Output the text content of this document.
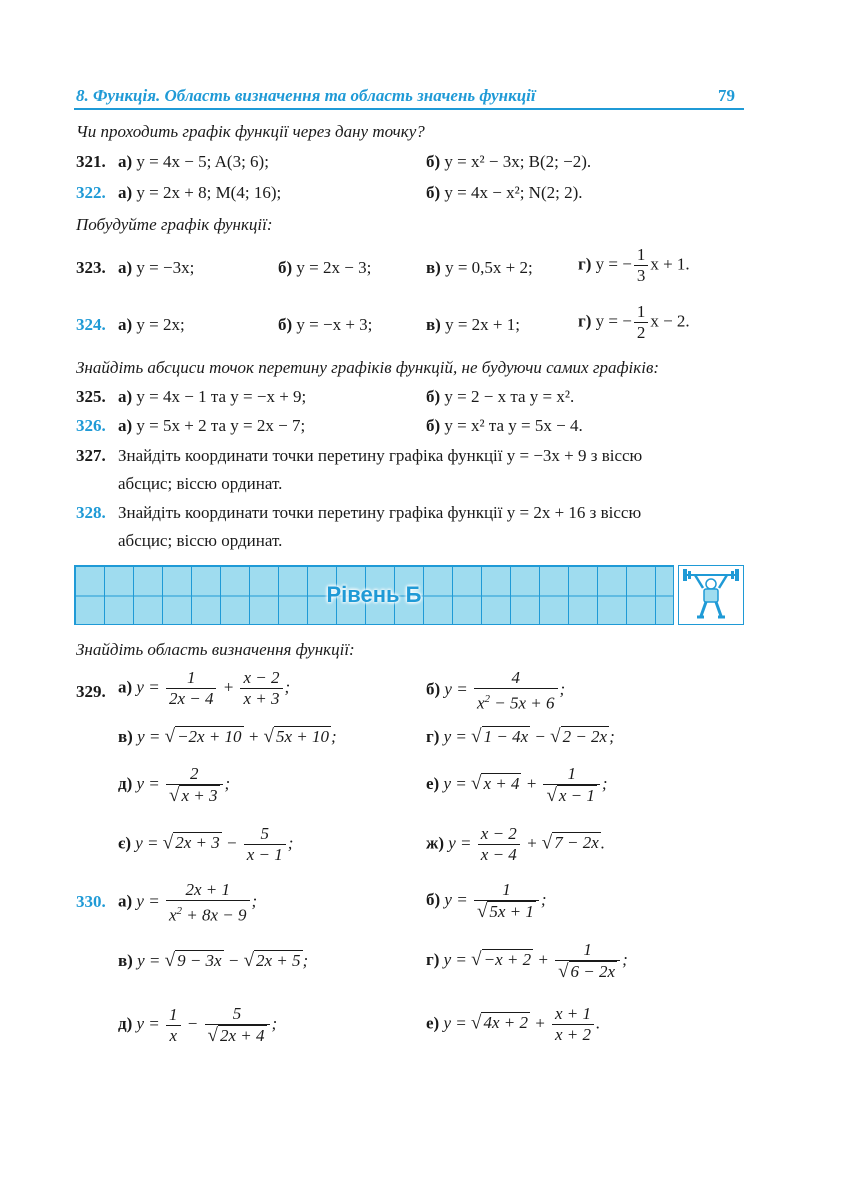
8. Функція. Область визначення та область значень функції	79
Чи проходить графік функції через дану точку?
321. а) y = 4x − 5; A(3; 6);	б) y = x² − 3x; B(2; −2).
322. а) y = 2x + 8; M(4; 16);	б) y = 4x − x²; N(2; 2).
Побудуйте графік функції:
323. а) y = −3x;	б) y = 2x − 3;	в) y = 0,5x + 2;	г) y = − $\frac{1}{3}$ x + 1.
324. а) y = 2x;	б) y = −x + 3;	в) y = 2x + 1;	г) y = − $\frac{1}{2}$ x − 2.
Знайдіть абсциси точок перетину графіків функцій, не будуючи самих графіків:
325. а) y = 4x − 1 та y = −x + 9;	б) y = 2 − x та y = x².
326. а) y = 5x + 2 та y = 2x − 7;	б) y = x² та y = 5x − 4.
327. Знайдіть координати точки перетину графіка функції y = −3x + 9 з віссю
абсцис; віссю ординат.
328. Знайдіть координати точки перетину графіка функції y = 2x + 16 з віссю
абсцис; віссю ординат.
Рівень Б
Знайдіть область визначення функції:
329. а) $y = \frac{1}{2x - 4} + \frac{x - 2}{x + 3}$ ;	б) $y = \frac{4}{x^2 - 5x + 6}$ ;
в) y = √ −2x + 10 + √ 5x + 10 ;	г) y = √ 1 − 4x − √ 2 − 2x ;
д) $y = \frac{2}{√ x + 3}$ ;	е) y = √ $x + 4 + \frac{1}{√ x - 1}$ ;
є) y = √ $2x + 3 - \frac{5}{x - 1}$ ;	ж) $y = \frac{x - 2}{x - 4}$ + √ 7 − 2x .
330. а) $y = \frac{2x + 1}{x^2 + 8x - 9}$ ;	б) $y = \frac{1}{√ 5x + 1}$ ;
в) y = √ 9 − 3x − √ 2x + 5 ;	г) y = √ $-x + 2 + \frac{1}{√ 6 - 2x}$ ;
д) $y = \frac{1}{x} - \frac{5}{√ 2x + 4}$ ;	е) y = √ $4x + 2 + \frac{x + 1}{x + 2}$ .
